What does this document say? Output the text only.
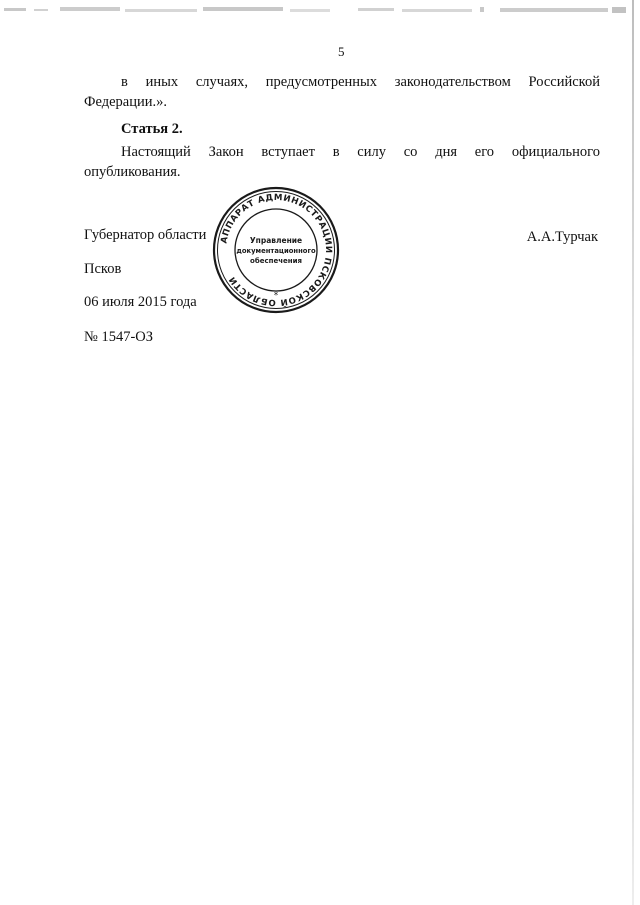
5
в иных случаях, предусмотренных законодательством Российской
Федерации.».
Статья 2.
Настоящий Закон вступает в силу со дня его официального
опубликования.
Губернатор области	А.А.Турчак
Псков
06 июля 2015 года
№ 1547-ОЗ
АППАРАТ АДМИНИСТРАЦИИ ПСКОВСКОЙ ОБЛАСТИ
Управление
документационного
обеспечения
*
